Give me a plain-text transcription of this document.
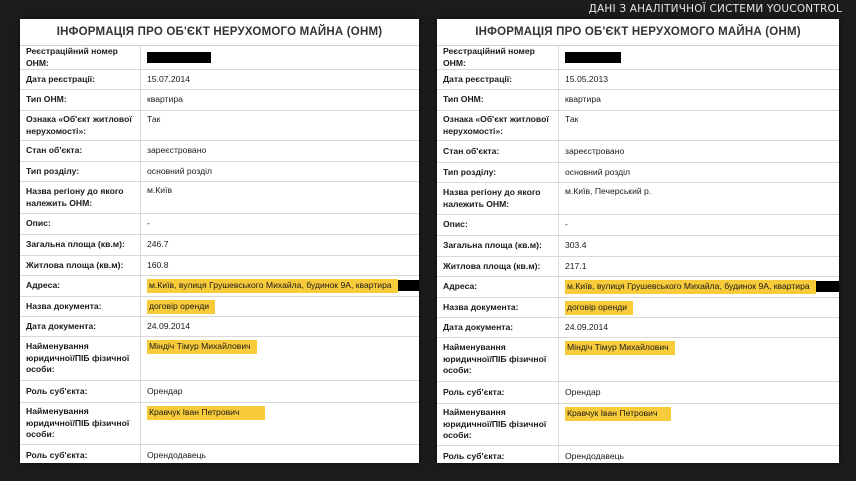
ДАНІ З АНАЛІТИЧНОЇ СИСТЕМИ YOUCONTROL
ІНФОРМАЦІЯ ПРО ОБ'ЄКТ НЕРУХОМОГО МАЙНА (ОНМ)
Реєстраційний номер ОНМ:	
Дата реєстрації:	15.07.2014
Тип ОНМ:	квартира
Ознака «Об'єкт житлової нерухомості»:	Так
Стан об'єкта:	зареєстровано
Тип розділу:	основний розділ
Назва регіону до якого належить ОНМ:	м.Київ
Опис:	-
Загальна площа (кв.м):	246.7
Житлова площа (кв.м):	160.8
Адреса:	м.Київ, вулиця Грушевського Михайла, будинок 9А, квартира
Назва документа:	договір оренди
Дата документа:	24.09.2014
Найменування юридичної/ПІБ фізичної особи:	Міндіч Тімур Михайлович
Роль суб'єкта:	Орендар
Найменування юридичної/ПІБ фізичної особи:	Кравчук Іван Петрович
Роль суб'єкта:	Орендодавець
ІНФОРМАЦІЯ ПРО ОБ'ЄКТ НЕРУХОМОГО МАЙНА (ОНМ)
Реєстраційний номер ОНМ:	
Дата реєстрації:	15.05.2013
Тип ОНМ:	квартира
Ознака «Об'єкт житлової нерухомості»:	Так
Стан об'єкта:	зареєстровано
Тип розділу:	основний розділ
Назва регіону до якого належить ОНМ:	м.Київ, Печерський р.
Опис:	-
Загальна площа (кв.м):	303.4
Житлова площа (кв.м):	217.1
Адреса:	м.Київ, вулиця Грушевського Михайла, будинок 9А, квартира
Назва документа:	договір оренди
Дата документа:	24.09.2014
Найменування юридичної/ПІБ фізичної особи:	Міндіч Тімур Михайлович
Роль суб'єкта:	Орендар
Найменування юридичної/ПІБ фізичної особи:	Кравчук Іван Петрович
Роль суб'єкта:	Орендодавець
